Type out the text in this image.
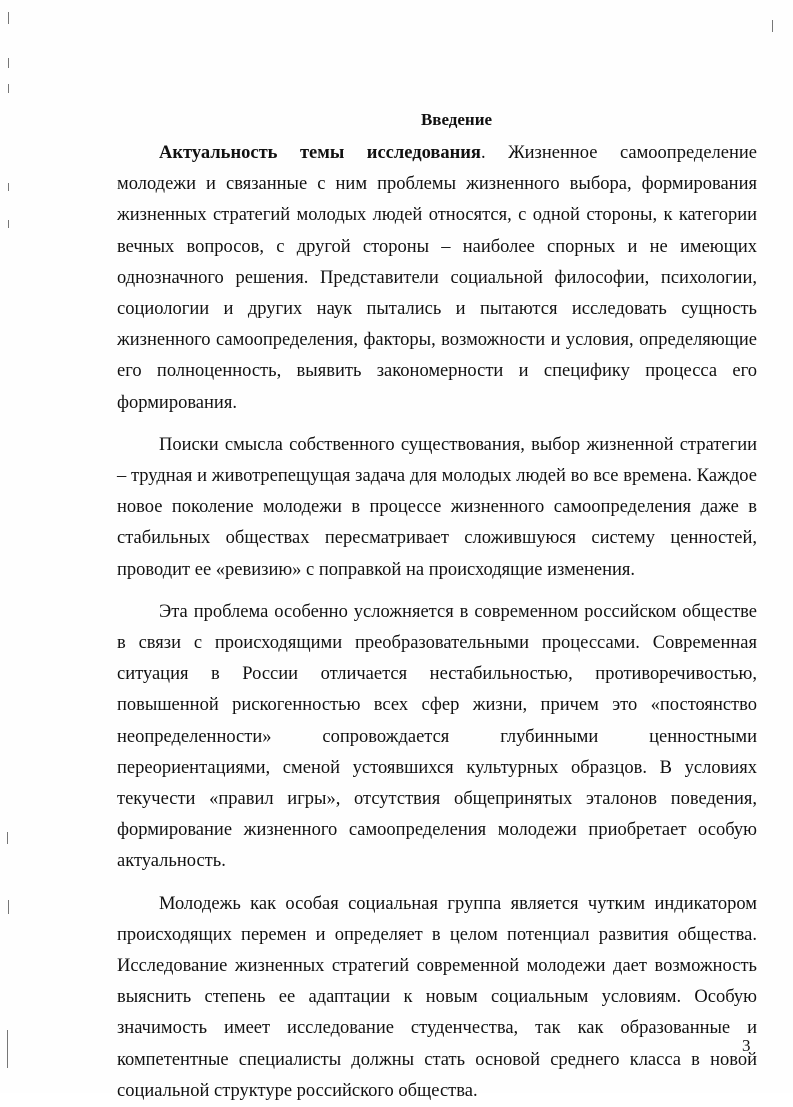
Введение

Актуальность темы исследования. Жизненное самоопределение молодежи и связанные с ним проблемы жизненного выбора, формирования жизненных стратегий молодых людей относятся, с одной стороны, к категории вечных вопросов, с другой стороны – наиболее спорных и не имеющих однозначного решения. Представители социальной философии, психологии, социологии и других наук пытались и пытаются исследовать сущность жизненного самоопределения, факторы, возможности и условия, определяющие его полноценность, выявить закономерности и специфику процесса его формирования.

Поиски смысла собственного существования, выбор жизненной стратегии – трудная и животрепещущая задача для молодых людей во все времена. Каждое новое поколение молодежи в процессе жизненного самоопределения даже в стабильных обществах пересматривает сложившуюся систему ценностей, проводит ее «ревизию» с поправкой на происходящие изменения.

Эта проблема особенно усложняется в современном российском обществе в связи с происходящими преобразовательными процессами. Современная ситуация в России отличается нестабильностью, противоречивостью, повышенной рискогенностью всех сфер жизни, причем это «постоянство неопределенности» сопровождается глубинными ценностными переориентациями, сменой устоявшихся культурных образцов. В условиях текучести «правил игры», отсутствия общепринятых эталонов поведения, формирование жизненного самоопределения молодежи приобретает особую актуальность.

Молодежь как особая социальная группа является чутким индикатором происходящих перемен и определяет в целом потенциал развития общества. Исследование жизненных стратегий современной молодежи дает возможность выяснить степень ее адаптации к новым социальным условиям. Особую значимость имеет исследование студенчества, так как образованные и компетентные специалисты должны стать основой среднего класса в новой социальной структуре российского общества.

3
